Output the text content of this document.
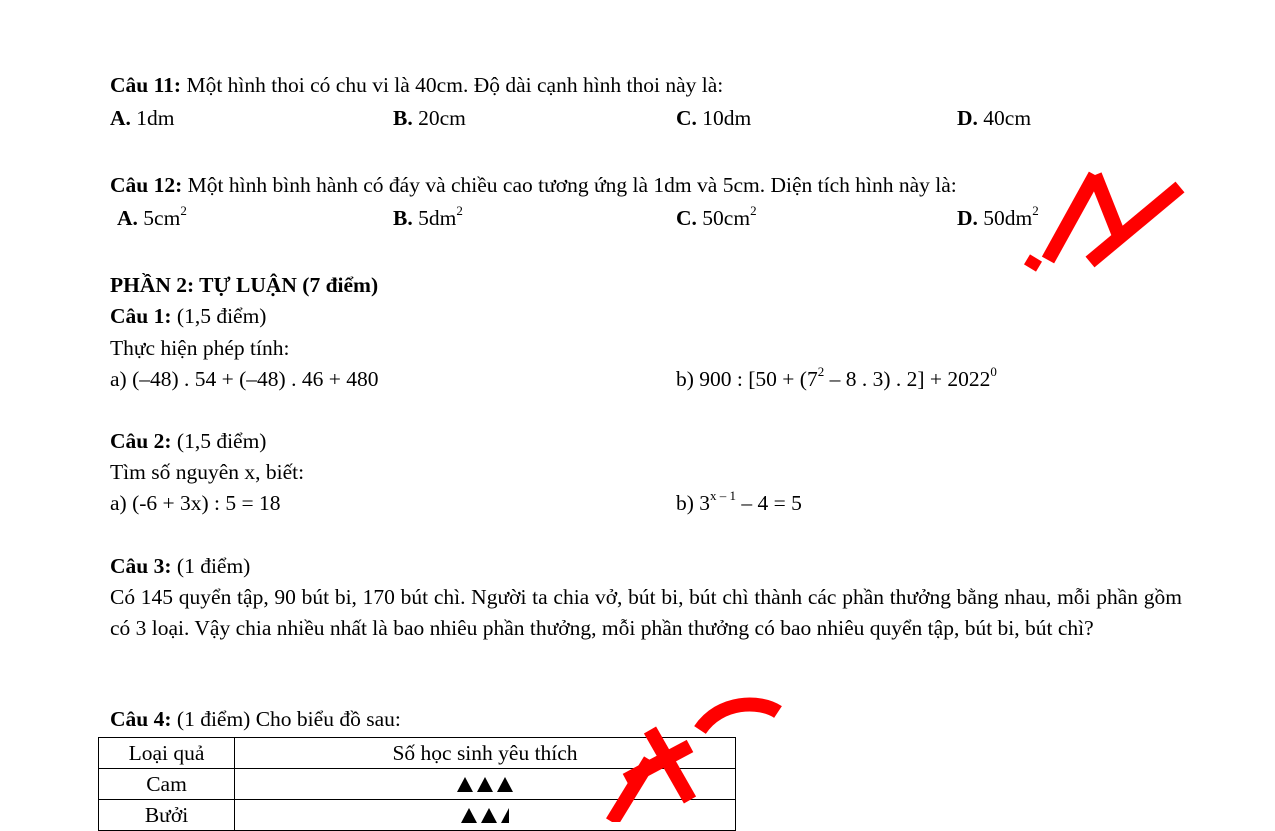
Câu 11: Một hình thoi có chu vi là 40cm. Độ dài cạnh hình thoi này là:
A. 1dm	B. 20cm	C. 10dm	D. 40cm
Câu 12: Một hình bình hành có đáy và chiều cao tương ứng là 1dm và 5cm. Diện tích hình này là:
A. $5cm^2$	B. $5dm^2$	C. $50cm^2$	D. $50dm^2$
PHẦN 2: TỰ LUẬN (7 điểm)
Câu 1: (1,5 điểm)
Thực hiện phép tính:
a) (–48) . 54 + (–48) . 46 + 480	b) 900 : [$50 + (7^2 - 8$ . 3) . $2] + 2022^0$
Câu 2: (1,5 điểm)
Tìm số nguyên x, biết:
a) (-6 + 3x) : 5 = 18	b) 3$^{x - 1}$ – 4 = 5
Câu 3: (1 điểm)
Có 145 quyển tập, 90 bút bi, 170 bút chì. Người ta chia vở, bút bi, bút chì thành các phần thưởng bằng nhau, mỗi phần gồm có 3 loại. Vậy chia nhiều nhất là bao nhiêu phần thưởng, mỗi phần thưởng có bao nhiêu quyển tập, bút bi, bút chì?
Câu 4: (1 điểm) Cho biểu đồ sau:
Loại quả	Số học sinh yêu thích
Cam	
Bưởi	
